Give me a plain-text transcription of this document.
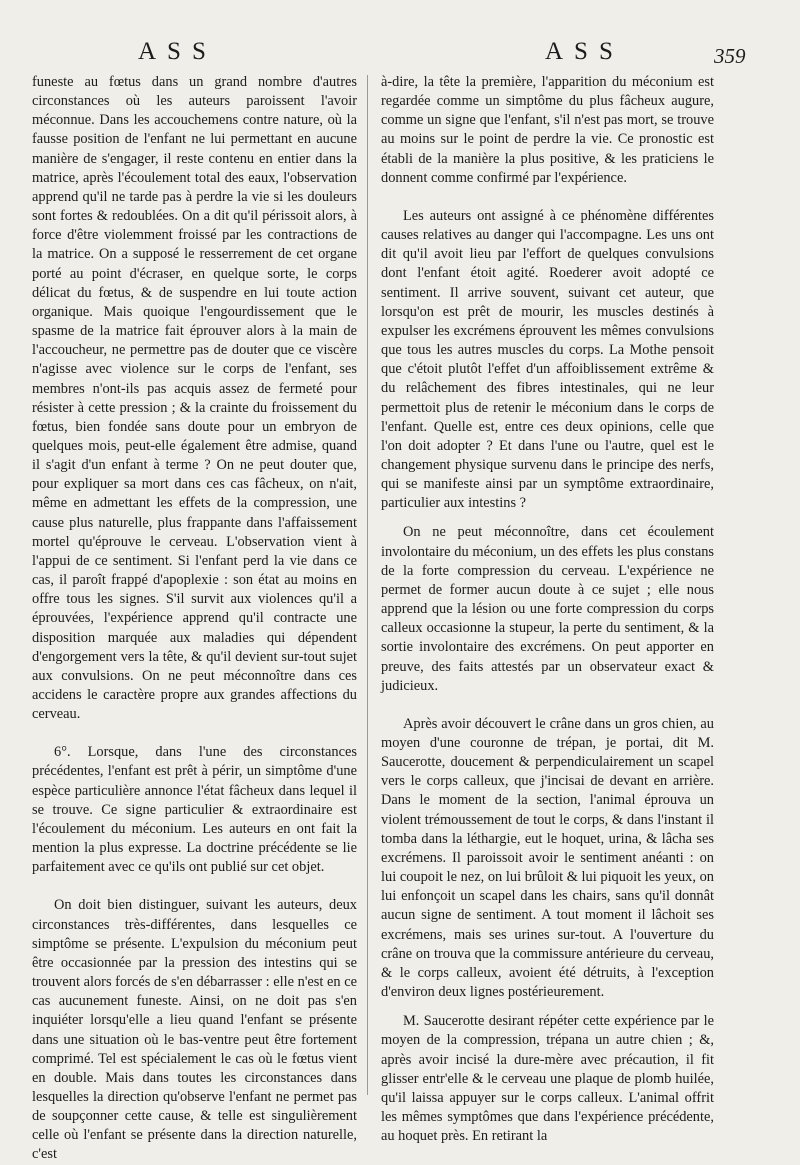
ASS	ASS	359

funeste au fœtus dans un grand nombre d'autres circonstances où les auteurs paroissent l'avoir méconnue. Dans les accouchemens contre nature, où la fausse position de l'enfant ne lui permettant en aucune manière de s'engager, il reste contenu en entier dans la matrice, après l'écoulement total des eaux, l'observation apprend qu'il ne tarde pas à perdre la vie si les douleurs sont fortes & redoublées. On a dit qu'il périssoit alors, à force d'être violemment froissé par les contractions de la matrice. On a supposé le resserrement de cet organe porté au point d'écraser, en quelque sorte, le corps délicat du fœtus, & de suspendre en lui toute action organique. Mais quoique l'engourdissement que le spasme de la matrice fait éprouver alors à la main de l'accoucheur, ne permettre pas de douter que ce viscère n'agisse avec violence sur le corps de l'enfant, ses membres n'ont-ils pas acquis assez de fermeté pour résister à cette pression ; & la crainte du froissement du fœtus, bien fondée sans doute pour un embryon de quelques mois, peut-elle également être admise, quand il s'agit d'un enfant à terme ? On ne peut douter que, pour expliquer sa mort dans ces cas fâcheux, on n'ait, même en admettant les effets de la compression, une cause plus naturelle, plus frappante dans l'affaissement mortel qu'éprouve le cerveau. L'observation vient à l'appui de ce sentiment. Si l'enfant perd la vie dans ce cas, il paroît frappé d'apoplexie : son état au moins en offre tous les signes. S'il survit aux violences qu'il a éprouvées, l'expérience apprend qu'il contracte une disposition marquée aux maladies qui dépendent d'engorgement vers la tête, & qu'il devient sur-tout sujet aux convulsions. On ne peut méconnoître dans ces accidens le caractère propre aux grandes affections du cerveau.

6°. Lorsque, dans l'une des circonstances précédentes, l'enfant est prêt à périr, un simptôme d'une espèce particulière annonce l'état fâcheux dans lequel il se trouve. Ce signe particulier & extraordinaire est l'écoulement du méconium. Les auteurs en ont fait la mention la plus expresse. La doctrine précédente se lie parfaitement avec ce qu'ils ont publié sur cet objet.

On doit bien distinguer, suivant les auteurs, deux circonstances très-différentes, dans lesquelles ce simptôme se présente. L'expulsion du méconium peut être occasionnée par la pression des intestins qui se trouvent alors forcés de s'en débarrasser : elle n'est en ce cas aucunement funeste. Ainsi, on ne doit pas s'en inquiéter lorsqu'elle a lieu quand l'enfant se présente dans une situation où le bas-ventre peut être fortement comprimé. Tel est spécialement le cas où le fœtus vient en double. Mais dans toutes les circonstances dans lesquelles la direction qu'observe l'enfant ne permet pas de soupçonner cette cause, & telle est singulièrement celle où l'enfant se présente dans la direction naturelle, c'est

à-dire, la tête la première, l'apparition du méconium est regardée comme un simptôme du plus fâcheux augure, comme un signe que l'enfant, s'il n'est pas mort, se trouve au moins sur le point de perdre la vie. Ce pronostic est établi de la manière la plus positive, & les praticiens le donnent comme confirmé par l'expérience.

Les auteurs ont assigné à ce phénomène différentes causes relatives au danger qui l'accompagne. Les uns ont dit qu'il avoit lieu par l'effort de quelques convulsions dont l'enfant étoit agité. Roederer avoit adopté ce sentiment. Il arrive souvent, suivant cet auteur, que lorsqu'on est prêt de mourir, les muscles destinés à expulser les excrémens éprouvent les mêmes convulsions que tous les autres muscles du corps. La Mothe pensoit que c'étoit plutôt l'effet d'un affoiblissement extrême & du relâchement des fibres intestinales, qui ne leur permettoit plus de retenir le méconium dans le corps de l'enfant. Quelle est, entre ces deux opinions, celle que l'on doit adopter ? Et dans l'une ou l'autre, quel est le changement physique survenu dans le principe des nerfs, qui se manifeste ainsi par un symptôme extraordinaire, particulier aux intestins ?

On ne peut méconnoître, dans cet écoulement involontaire du méconium, un des effets les plus constans de la forte compression du cerveau. L'expérience ne permet de former aucun doute à ce sujet ; elle nous apprend que la lésion ou une forte compression du corps calleux occasionne la stupeur, la perte du sentiment, & la sortie involontaire des excrémens. On peut apporter en preuve, des faits attestés par un observateur exact & judicieux.

Après avoir découvert le crâne dans un gros chien, au moyen d'une couronne de trépan, je portai, dit M. Saucerotte, doucement & perpendiculairement un scapel vers le corps calleux, que j'incisai de devant en arrière. Dans le moment de la section, l'animal éprouva un violent trémoussement de tout le corps, & dans l'instant il tomba dans la léthargie, eut le hoquet, urina, & lâcha ses excrémens. Il paroissoit avoir le sentiment anéanti : on lui coupoit le nez, on lui brûloit & lui piquoit les yeux, on lui enfonçoit un scapel dans les chairs, sans qu'il donnât aucun signe de sentiment. A tout moment il lâchoit ses excrémens, mais ses urines sur-tout. A l'ouverture du crâne on trouva que la commissure antérieure du cerveau, & le corps calleux, avoient été détruits, à l'exception d'environ deux lignes postérieurement.

M. Saucerotte desirant répéter cette expérience par le moyen de la compression, trépana un autre chien ; &, après avoir incisé la dure-mère avec précaution, il fit glisser entr'elle & le cerveau une plaque de plomb huilée, qu'il laissa appuyer sur le corps calleux. L'animal offrit les mêmes symptômes que dans l'expérience précédente, au hoquet près. En retirant la
